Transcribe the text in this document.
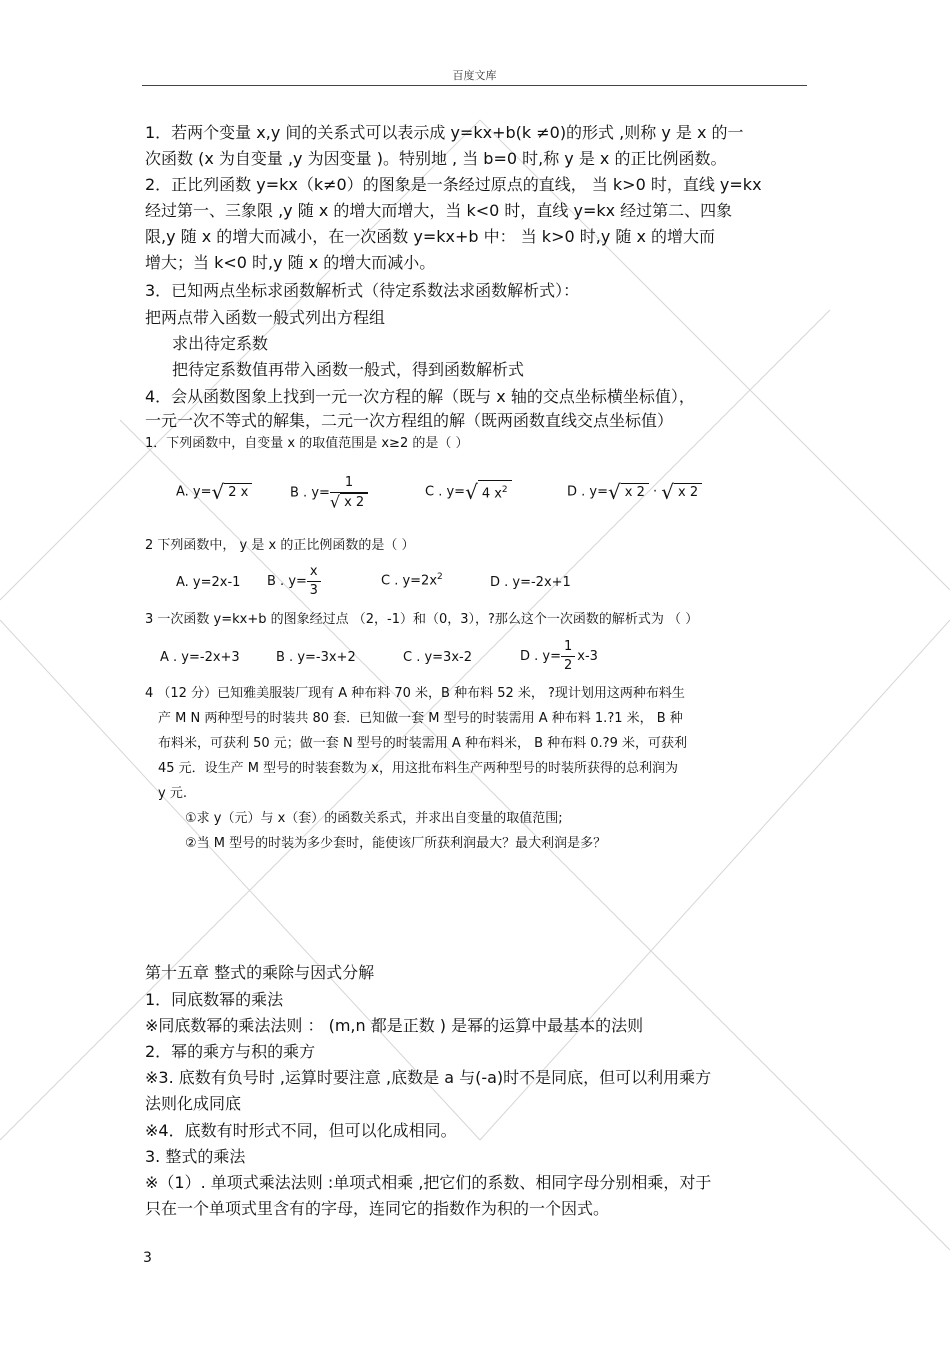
百度文库
1．若两个变量 x,y 间的关系式可以表示成 y=kx+b(k ≠0)的形式 ,则称 y 是 x 的一
次函数 (x 为自变量 ,y 为因变量 )。特别地 , 当 b=0 时,称 y 是 x 的正比例函数。
2．正比列函数 y=kx（k≠0）的图象是一条经过原点的直线， 当 k>0 时，直线 y=kx
经过第一、三象限 ,y 随 x 的增大而增大，当 k<0 时，直线 y=kx 经过第二、四象
限,y 随 x 的增大而减小，在一次函数 y=kx+b 中： 当 k>0 时,y 随 x 的增大而
增大；当 k<0 时,y 随 x 的增大而减小。
3．已知两点坐标求函数解析式（待定系数法求函数解析式）：
把两点带入函数一般式列出方程组
求出待定系数
把待定系数值再带入函数一般式，得到函数解析式
4．会从函数图象上找到一元一次方程的解（既与 x 轴的交点坐标横坐标值），
一元一次不等式的解集，二元一次方程组的解（既两函数直线交点坐标值）
1．下列函数中，自变量 x 的取值范围是 x≥2 的是（ ）
A. y=√ 2 x	B . $y= \frac{1}{√ x 2}$	C . y=√ 4 $x^2$	D . y=√ x 2 · √ x 2
2 下列函数中， y 是 x 的正比例函数的是（ ）
A. y=2x-1 B . $y= \frac{x}{3}$	C . $y=2x^2$	D . y=-2x+1
3 一次函数 y=kx+b 的图象经过点 （2，-1）和（0，3），?那么这个一次函数的解析式为 （ ）
A . y=-2x+3	B . y=-3x+2	C . y=3x-2	D . $y= \frac{1}{2} x-3$
4 （12 分）已知雅美服装厂现有 A 种布料 70 米，B 种布料 52 米， ?现计划用这两种布料生
产 M N 两种型号的时装共 80 套．已知做一套 M 型号的时装需用 A 种布料 1.?1 米， B 种
布料米，可获利 50 元；做一套 N 型号的时装需用 A 种布料米， B 种布料 0.?9 米，可获利
45 元．设生产 M 型号的时装套数为 x，用这批布料生产两种型号的时装所获得的总利润为
y 元.
①求 y（元）与 x（套）的函数关系式，并求出自变量的取值范围;
②当 M 型号的时装为多少套时，能使该厂所获利润最大？最大利润是多？
第十五章 整式的乘除与因式分解
1．同底数幂的乘法
※同底数幂的乘法法则 ： (m,n 都是正数 ) 是幂的运算中最基本的法则
2．幂的乘方与积的乘方
※3. 底数有负号时 ,运算时要注意 ,底数是 a 与(-a)时不是同底，但可以利用乘方
法则化成同底
※4．底数有时形式不同，但可以化成相同。
3. 整式的乘法
※（1）. 单项式乘法法则 :单项式相乘 ,把它们的系数、相同字母分别相乘，对于
只在一个单项式里含有的字母，连同它的指数作为积的一个因式。
3
